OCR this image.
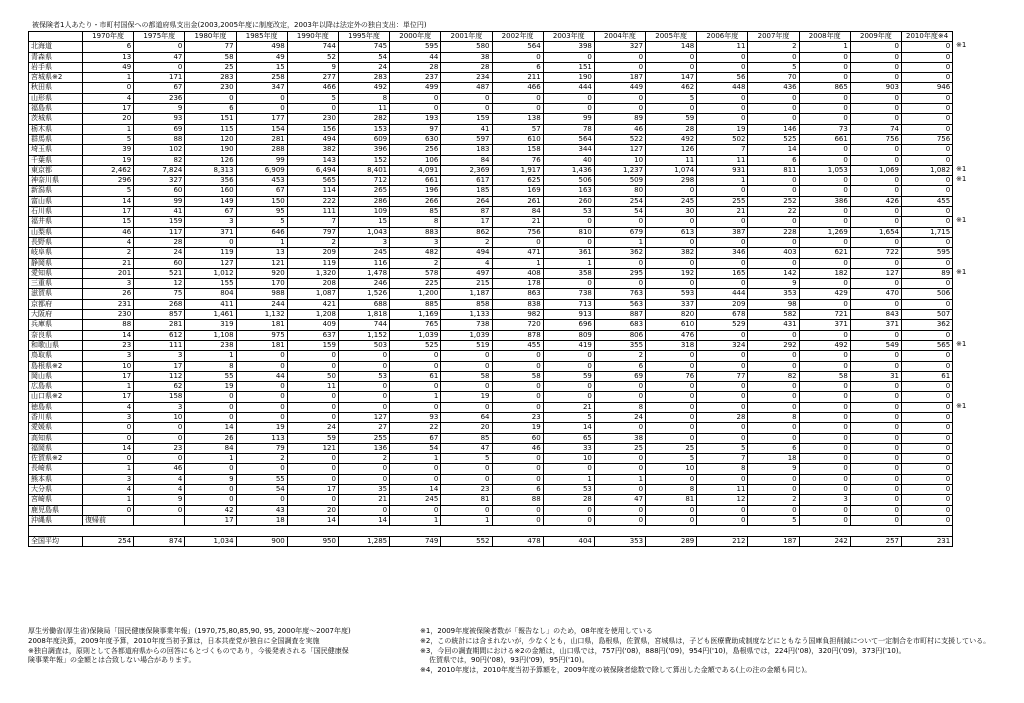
被保険者1人あたり・市町村国保への都道府県支出金(2003,2005年度に制度改定，2003年以降は法定外の独自支出：単位円)
	1970年度	1975年度	1980年度	1985年度	1990年度	1995年度	2000年度	2001年度	2002年度	2003年度	2004年度	2005年度	2006年度	2007年度	2008年度	2009年度	2010年度※4
北海道	6	0	77	498	744	745	595	580	564	398	327	148	11	2	1	0	0
青森県	13	47	58	49	52	54	44	38	0	0	0	0	0	0	0	0	0
岩手県	49	0	25	15	9	24	28	28	6	151	0	0	0	5	0	0	0
宮城県※2	1	171	283	258	277	283	237	234	211	190	187	147	56	70	0	0	0
秋田県	0	67	230	347	466	492	499	487	466	444	449	462	448	436	865	903	946
山形県	4	236	0	0	5	8	0	0	0	0	0	5	0	0	0	0	0
福島県	17	9	6	0	0	11	0	0	0	0	0	0	0	0	0	0	0
茨城県	20	93	151	177	230	282	193	159	138	99	89	59	0	0	0	0	0
栃木県	1	69	115	154	156	153	97	41	57	78	46	28	19	146	73	74	0
群馬県	5	88	120	281	494	609	630	597	610	564	522	492	502	525	661	756	756
埼玉県	39	102	190	288	382	396	256	183	158	344	127	126	7	14	0	0	0
千葉県	19	82	126	99	143	152	106	84	76	40	10	11	11	6	0	0	0
東京都	2,462	7,824	8,313	6,909	6,494	8,401	4,091	2,369	1,917	1,436	1,237	1,074	931	811	1,053	1,069	1,082
神奈川県	296	327	356	453	565	712	661	617	625	506	509	298	1	0	0	0	0
新潟県	5	60	160	67	114	265	196	185	169	163	80	0	0	0	0	0	0
富山県	14	99	149	150	222	286	266	264	261	260	254	245	255	252	386	426	455
石川県	17	41	67	95	111	109	85	87	84	53	54	30	21	22	0	0	0
福井県	15	159	3	5	7	15	8	17	21	0	0	0	0	0	0	0	0
山梨県	46	117	371	646	797	1,043	883	862	756	810	679	613	387	228	1,269	1,654	1,715
長野県	4	28	0	1	2	3	3	2	0	0	1	0	0	0	0	0	0
岐阜県	2	24	119	13	209	245	482	494	471	361	362	382	346	403	621	722	595
静岡県	21	60	127	121	119	116	2	4	1	1	0	0	0	0	0	0	0
愛知県	201	521	1,012	920	1,320	1,478	578	497	408	358	295	192	165	142	182	127	89
三重県	3	12	155	170	208	246	225	215	178	0	0	0	0	9	0	0	0
滋賀県	26	75	804	988	1,087	1,526	1,200	1,187	863	738	763	593	444	353	429	470	506
京都府	231	268	411	244	421	688	885	858	838	713	563	337	209	98	0	0	0
大阪府	230	857	1,461	1,132	1,208	1,818	1,169	1,133	982	913	887	820	678	582	721	843	507
兵庫県	88	281	319	181	409	744	765	738	720	696	683	610	529	431	371	371	362
奈良県	14	612	1,108	975	637	1,152	1,039	1,039	878	809	806	476	0	0	0	0	0
和歌山県	23	111	238	181	159	503	525	519	455	419	355	318	324	292	492	549	565
鳥取県	3	3	1	0	0	0	0	0	0	0	2	0	0	0	0	0	0
島根県※2	10	17	8	0	0	0	0	0	0	0	6	0	0	0	0	0	0
岡山県	17	112	55	44	50	53	61	58	58	59	69	76	77	82	58	31	61
広島県	1	62	19	0	11	0	0	0	0	0	0	0	0	0	0	0	0
山口県※2	17	158	0	0	0	0	1	19	0	0	0	0	0	0	0	0	0
徳島県	4	3	0	0	0	0	0	0	0	21	8	0	0	0	0	0	0
香川県	3	10	0	0	0	127	93	64	23	5	24	0	28	8	0	0	0
愛媛県	0	0	14	19	24	27	22	20	19	14	0	0	0	0	0	0	0
高知県	0	0	26	113	59	255	67	85	60	65	38	0	0	0	0	0	0
福岡県	14	23	84	79	121	136	54	47	46	33	25	25	5	6	0	0	0
佐賀県※2	0	0	1	2	0	2	1	5	0	10	0	5	7	18	0	0	0
長崎県	1	46	0	0	0	0	0	0	0	0	0	10	8	9	0	0	0
熊本県	3	4	9	55	0	0	0	0	0	1	1	0	0	0	0	0	0
大分県	4	4	0	54	17	35	14	23	6	53	0	8	11	0	0	0	0
宮崎県	1	9	0	0	0	21	245	81	88	28	47	81	12	2	3	0	0
鹿児島県	0	0	42	43	20	0	0	0	0	0	0	0	0	0	0	0	0
沖縄県	復帰前		17	18	14	14	1	1	0	0	0	0	0	5	0	0	0

全国平均	254	874	1,034	900	950	1,285	749	552	478	404	353	289	212	187	242	257	231
※1
※1
※1
※1
※1
※1
※1
厚生労働省(厚生省)保険局「国民健康保険事業年報」(1970,75,80,85,90, 95, 2000年度～2007年度)
2008年度決算，2009年度予算，2010年度当初予算は，日本共産党が独自に全国調査を実施
※独自調査は，原則として各都道府県からの回答にもとづくものであり，今後発表される「国民健康保
険事業年報」の金額とは合致しない場合があります。
※1，2009年度被保険者数が「報告なし」のため，08年度を使用している
※2，この統計には含まれないが，少なくとも，山口県，島根県，佐賀県，宮城県は，子ども医療費助成制度などにともなう国庫負担削減について一定制合を市町村に支援している。
※3，今回の調査期間における※2の金額は，山口県では，757円('08)，888円('09)，954円('10)，島根県では，224円('08)，320円('09)，373円('10)。
佐賀県では，90円('08)，93円('09)，95円('10)。
※4，2010年度は，2010年度当初予算額を，2009年度の被保険者総数で除して算出した金額である(上の注の金額も同じ)。
